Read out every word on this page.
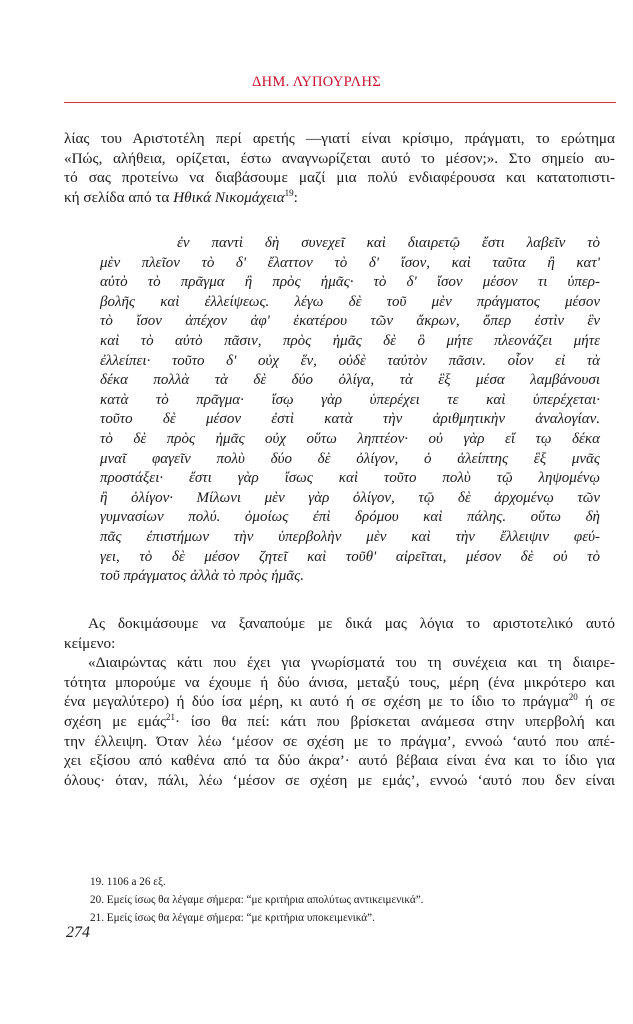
ΔΗΜ. ΛΥΠΟΥΡΛΗΣ
λίας του Αριστοτέλη περί αρετής —γιατί είναι κρίσιμο, πράγματι, το ερώτημα
«Πώς, αλήθεια, ορίζεται, έστω αναγνωρίζεται αυτό το μέσον;». Στο σημείο αυ-
τό σας προτείνω να διαβάσουμε μαζί μια πολύ ενδιαφέρουσα και κατατοπιστι-
κή σελίδα από τα Ηθικά Νικομάχεια$^{19}$:
ἐν παντὶ δὴ συνεχεῖ καὶ διαιρετῷ ἔστι λαβεῖν τὸ
μὲν πλεῖον τὸ δ' ἔλαττον τὸ δ' ἴσον, καὶ ταῦτα ἢ κατ'
αὐτὸ τὸ πρᾶγμα ἢ πρὸς ἡμᾶς· τὸ δ' ἴσον μέσον τι ὑπερ-
βολῆς καὶ ἐλλείψεως. λέγω δὲ τοῦ μὲν πράγματος μέσον
τὸ ἴσον ἀπέχον ἀφ' ἑκατέρου τῶν ἄκρων, ὅπερ ἐστὶν ἓν
καὶ τὸ αὐτὸ πᾶσιν, πρὸς ἡμᾶς δὲ ὃ μήτε πλεονάζει μήτε
ἐλλείπει· τοῦτο δ' οὐχ ἕν, οὐδὲ ταὐτὸν πᾶσιν. οἷον εἰ τὰ
δέκα πολλὰ τὰ δὲ δύο ὀλίγα, τὰ ἓξ μέσα λαμβάνουσι
κατὰ τὸ πρᾶγμα· ἴσῳ γὰρ ὑπερέχει τε καὶ ὑπερέχεται·
τοῦτο δὲ μέσον ἐστὶ κατὰ τὴν ἀριθμητικὴν ἀναλογίαν.
τὸ δὲ πρὸς ἡμᾶς οὐχ οὕτω ληπτέον· οὐ γὰρ εἴ τῳ δέκα
μναῖ φαγεῖν πολὺ δύο δὲ ὀλίγον, ὁ ἀλείπτης ἓξ μνᾶς
προστάξει· ἔστι γὰρ ἴσως καὶ τοῦτο πολὺ τῷ ληψομένῳ
ἢ ὀλίγον· Μίλωνι μὲν γὰρ ὀλίγον, τῷ δὲ ἀρχομένῳ τῶν
γυμνασίων πολύ. ὁμοίως ἐπὶ δρόμου καὶ πάλης. οὕτω δὴ
πᾶς ἐπιστήμων τὴν ὑπερβολὴν μὲν καὶ τὴν ἔλλειψιν φεύ-
γει, τὸ δὲ μέσον ζητεῖ καὶ τοῦθ' αἱρεῖται, μέσον δὲ οὐ τὸ
τοῦ πράγματος ἀλλὰ τὸ πρὸς ἡμᾶς.
Ας δοκιμάσουμε να ξαναπούμε με δικά μας λόγια το αριστοτελικό αυτό
κείμενο:
«Διαιρώντας κάτι που έχει για γνωρίσματά του τη συνέχεια και τη διαιρε-
τότητα μπορούμε να έχουμε ή δύο άνισα, μεταξύ τους, μέρη (ένα μικρότερο και
ένα μεγαλύτερο) ή δύο ίσα μέρη, κι αυτό ή σε σχέση με το ίδιο το πράγμα$^{20}$ ή σε
σχέση με εμάς$^{21}$· ίσο θα πεί: κάτι που βρίσκεται ανάμεσα στην υπερβολή και
την έλλειψη. Όταν λέω ‘μέσον σε σχέση με το πράγμα’, εννοώ ‘αυτό που απέ-
χει εξίσου από καθένα από τα δύο άκρα’· αυτό βέβαια είναι ένα και το ίδιο για
όλους· όταν, πάλι, λέω ‘μέσον σε σχέση με εμάς’, εννοώ ‘αυτό που δεν είναι
19. 1106 a 26 εξ.
20. Εμείς ίσως θα λέγαμε σήμερα: “με κριτήρια απολύτως αντικειμενικά”.
21. Εμείς ίσως θα λέγαμε σήμερα: “με κριτήρια υποκειμενικά”.
274
